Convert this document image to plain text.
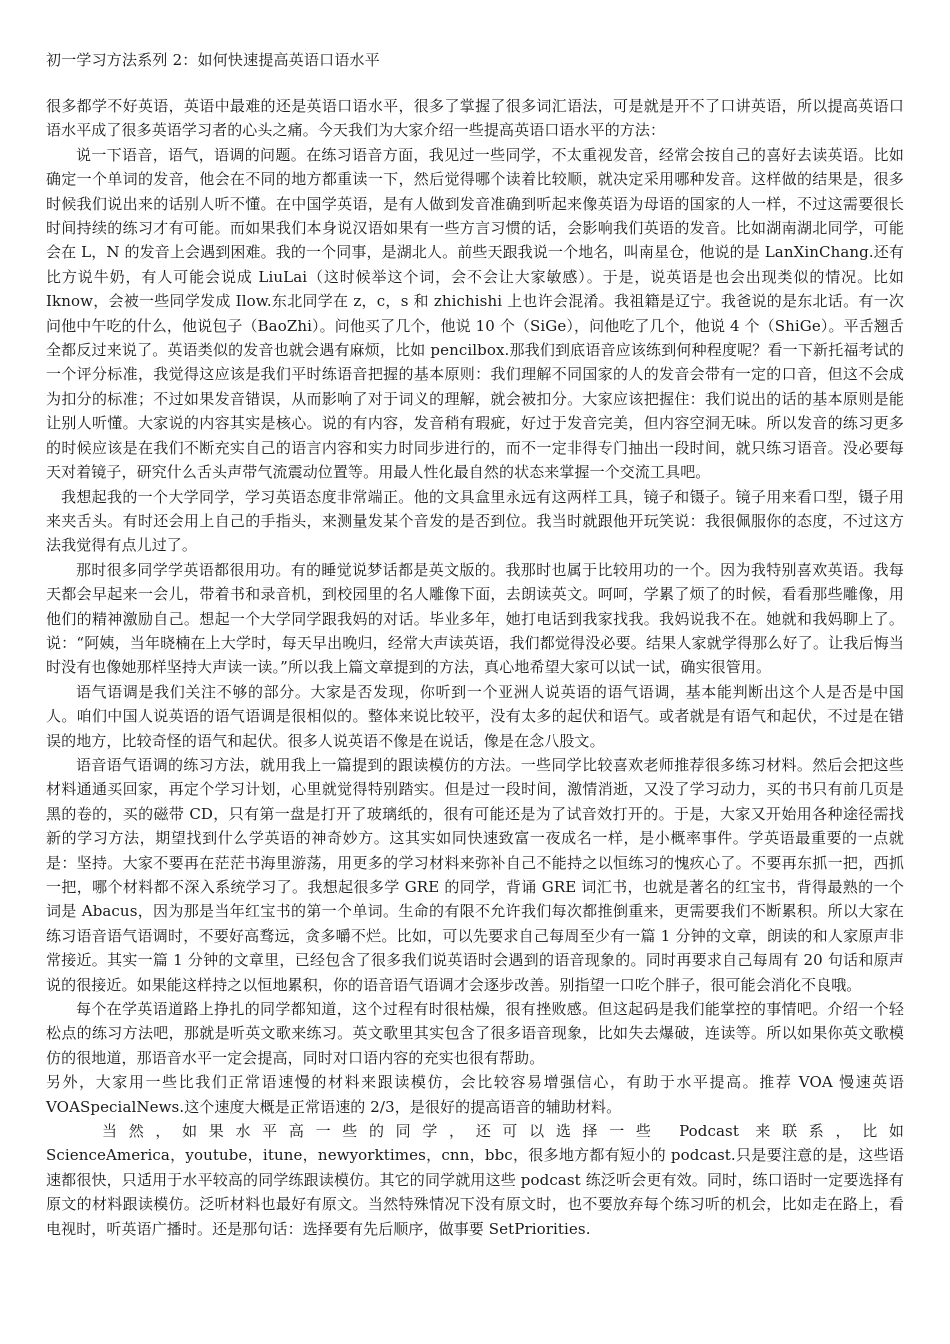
初一学习方法系列 2：如何快速提高英语口语水平

很多都学不好英语，英语中最难的还是英语口语水平，很多了掌握了很多词汇语法，可是就是开不了口讲英语，所以提高英语口语水平成了很多英语学习者的心头之痛。今天我们为大家介绍一些提高英语口语水平的方法：

说一下语音，语气，语调的问题。在练习语音方面，我见过一些同学，不太重视发音，经常会按自己的喜好去读英语。比如确定一个单词的发音，他会在不同的地方都重读一下，然后觉得哪个读着比较顺，就决定采用哪种发音。这样做的结果是，很多时候我们说出来的话别人听不懂。在中国学英语，是有人做到发音准确到听起来像英语为母语的国家的人一样，不过这需要很长时间持续的练习才有可能。而如果我们本身说汉语如果有一些方言习惯的话，会影响我们英语的发音。比如湖南湖北同学，可能会在 L，N 的发音上会遇到困难。我的一个同事，是湖北人。前些天跟我说一个地名，叫南星仓，他说的是 LanXinChang.还有比方说牛奶，有人可能会说成 LiuLai（这时候举这个词，会不会让大家敏感）。于是，说英语是也会出现类似的情况。比如 Iknow，会被一些同学发成 Ilow.东北同学在 z，c，s 和 zhichishi 上也许会混淆。我祖籍是辽宁。我爸说的是东北话。有一次问他中午吃的什么，他说包子（BaoZhi）。问他买了几个，他说 10 个（SiGe），问他吃了几个，他说 4 个（ShiGe）。平舌翘舌全都反过来说了。英语类似的发音也就会遇有麻烦，比如 pencilbox.那我们到底语音应该练到何种程度呢？看一下新托福考试的一个评分标准，我觉得这应该是我们平时练语音把握的基本原则：我们理解不同国家的人的发音会带有一定的口音，但这不会成为扣分的标准；不过如果发音错误，从而影响了对于词义的理解，就会被扣分。大家应该把握住：我们说出的话的基本原则是能让别人听懂。大家说的内容其实是核心。说的有内容，发音稍有瑕疵，好过于发音完美，但内容空洞无味。所以发音的练习更多的时候应该是在我们不断充实自己的语言内容和实力时同步进行的，而不一定非得专门抽出一段时间，就只练习语音。没必要每天对着镜子，研究什么舌头声带气流震动位置等。用最人性化最自然的状态来掌握一个交流工具吧。

我想起我的一个大学同学，学习英语态度非常端正。他的文具盒里永远有这两样工具，镜子和镊子。镜子用来看口型，镊子用来夹舌头。有时还会用上自己的手指头，来测量发某个音发的是否到位。我当时就跟他开玩笑说：我很佩服你的态度，不过这方法我觉得有点儿过了。

那时很多同学学英语都很用功。有的睡觉说梦话都是英文版的。我那时也属于比较用功的一个。因为我特别喜欢英语。我每天都会早起来一会儿，带着书和录音机，到校园里的名人雕像下面，去朗读英文。呵呵，学累了烦了的时候，看看那些雕像，用他们的精神激励自己。想起一个大学同学跟我妈的对话。毕业多年，她打电话到我家找我。我妈说我不在。她就和我妈聊上了。说：“阿姨，当年晓楠在上大学时，每天早出晚归，经常大声读英语，我们都觉得没必要。结果人家就学得那么好了。让我后悔当时没有也像她那样坚持大声读一读。”所以我上篇文章提到的方法，真心地希望大家可以试一试，确实很管用。

语气语调是我们关注不够的部分。大家是否发现，你听到一个亚洲人说英语的语气语调，基本能判断出这个人是否是中国人。咱们中国人说英语的语气语调是很相似的。整体来说比较平，没有太多的起伏和语气。或者就是有语气和起伏，不过是在错误的地方，比较奇怪的语气和起伏。很多人说英语不像是在说话，像是在念八股文。

语音语气语调的练习方法，就用我上一篇提到的跟读模仿的方法。一些同学比较喜欢老师推荐很多练习材料。然后会把这些材料通通买回家，再定个学习计划，心里就觉得特别踏实。但是过一段时间，激情消逝，又没了学习动力，买的书只有前几页是黑的卷的，买的磁带 CD，只有第一盘是打开了玻璃纸的，很有可能还是为了试音效打开的。于是，大家又开始用各种途径需找新的学习方法，期望找到什么学英语的神奇妙方。这其实如同快速致富一夜成名一样，是小概率事件。学英语最重要的一点就是：坚持。大家不要再在茫茫书海里游荡，用更多的学习材料来弥补自己不能持之以恒练习的愧疚心了。不要再东抓一把，西抓一把，哪个材料都不深入系统学习了。我想起很多学 GRE 的同学，背诵 GRE 词汇书，也就是著名的红宝书，背得最熟的一个词是 Abacus，因为那是当年红宝书的第一个单词。生命的有限不允许我们每次都推倒重来，更需要我们不断累积。所以大家在练习语音语气语调时，不要好高骛远，贪多嚼不烂。比如，可以先要求自己每周至少有一篇 1 分钟的文章，朗读的和人家原声非常接近。其实一篇 1 分钟的文章里，已经包含了很多我们说英语时会遇到的语音现象的。同时再要求自己每周有 20 句话和原声说的很接近。如果能这样持之以恒地累积，你的语音语气语调才会逐步改善。别指望一口吃个胖子，很可能会消化不良哦。

每个在学英语道路上挣扎的同学都知道，这个过程有时很枯燥，很有挫败感。但这起码是我们能掌控的事情吧。介绍一个轻松点的练习方法吧，那就是听英文歌来练习。英文歌里其实包含了很多语音现象，比如失去爆破，连读等。所以如果你英文歌模仿的很地道，那语音水平一定会提高，同时对口语内容的充实也很有帮助。

另外，大家用一些比我们正常语速慢的材料来跟读模仿，会比较容易增强信心，有助于水平提高。推荐 VOA 慢速英语 VOASpecialNews.这个速度大概是正常语速的 2/3，是很好的提高语音的辅助材料。

当然，如果水平高一些的同学，还可以选择一些 Podcast 来联系，比如
ScienceAmerica，youtube，itune，newyorktimes，cnn，bbc，很多地方都有短小的 podcast.只是要注意的是，这些语速都很快，只适用于水平较高的同学练跟读模仿。其它的同学就用这些 podcast 练泛听会更有效。同时，练口语时一定要选择有原文的材料跟读模仿。泛听材料也最好有原文。当然特殊情况下没有原文时，也不要放弃每个练习听的机会，比如走在路上，看电视时，听英语广播时。还是那句话：选择要有先后顺序，做事要 SetPriorities.
